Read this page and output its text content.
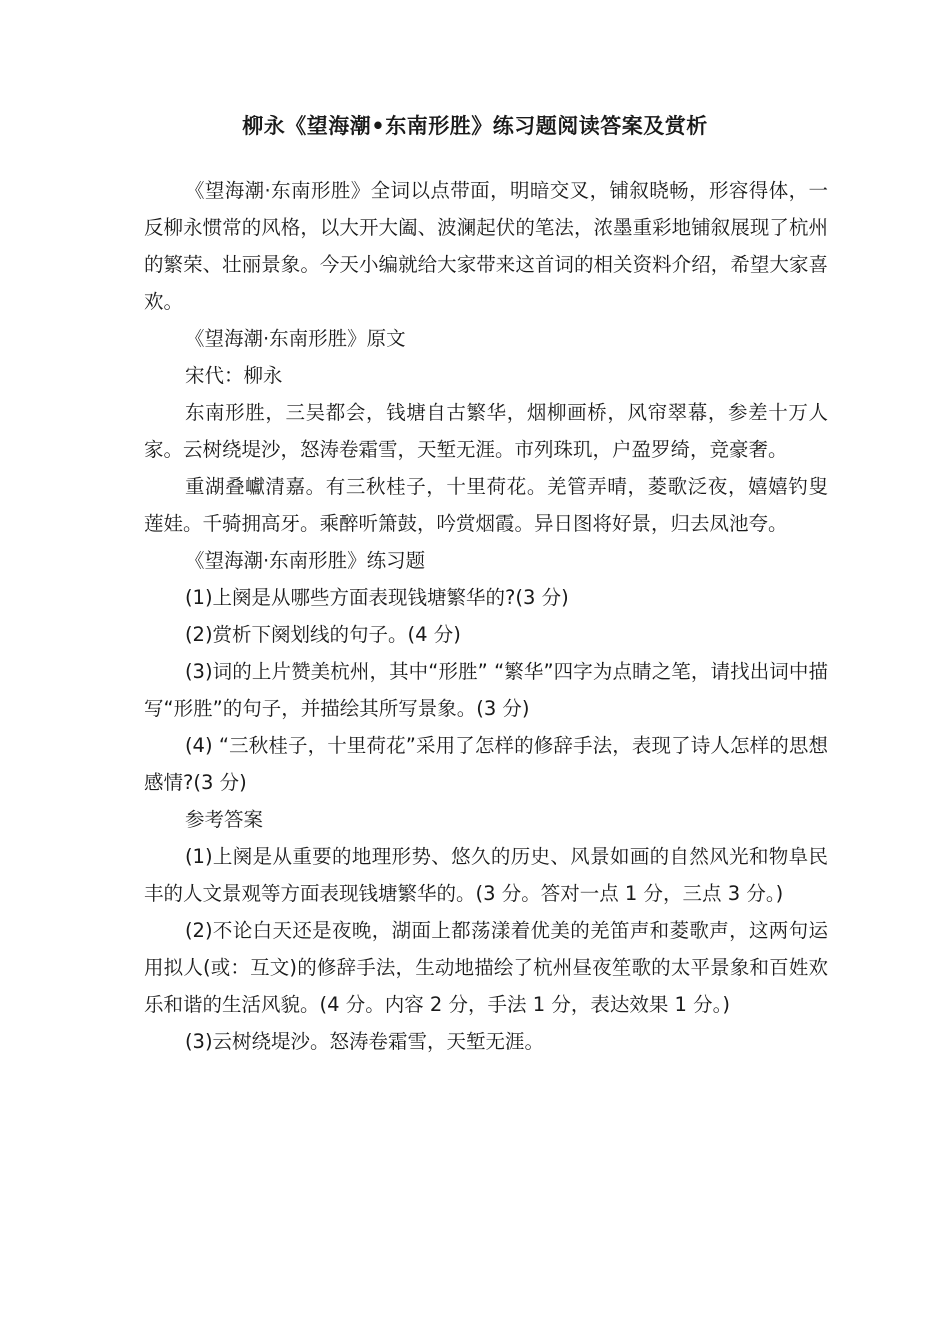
柳永《望海潮•东南形胜》练习题阅读答案及赏析

《望海潮·东南形胜》全词以点带面，明暗交叉，铺叙晓畅，形容得体，一反柳永惯常的风格，以大开大阖、波澜起伏的笔法，浓墨重彩地铺叙展现了杭州的繁荣、壮丽景象。今天小编就给大家带来这首词的相关资料介绍，希望大家喜欢。

《望海潮·东南形胜》原文

宋代：柳永

东南形胜，三吴都会，钱塘自古繁华，烟柳画桥，风帘翠幕，参差十万人家。云树绕堤沙，怒涛卷霜雪，天堑无涯。市列珠玑，户盈罗绮，竞豪奢。

重湖叠巘清嘉。有三秋桂子，十里荷花。羌管弄晴，菱歌泛夜，嬉嬉钓叟莲娃。千骑拥高牙。乘醉听箫鼓，吟赏烟霞。异日图将好景，归去凤池夸。

《望海潮·东南形胜》练习题

(1)上阕是从哪些方面表现钱塘繁华的?(3 分)

(2)赏析下阕划线的句子。(4 分)

(3)词的上片赞美杭州，其中“形胜” “繁华”四字为点睛之笔，请找出词中描写“形胜”的句子，并描绘其所写景象。(3 分)

(4) “三秋桂子，十里荷花”采用了怎样的修辞手法，表现了诗人怎样的思想感情?(3 分)

参考答案

(1)上阕是从重要的地理形势、悠久的历史、风景如画的自然风光和物阜民丰的人文景观等方面表现钱塘繁华的。(3 分。答对一点 1 分，三点 3 分。)

(2)不论白天还是夜晚，湖面上都荡漾着优美的羌笛声和菱歌声，这两句运用拟人(或：互文)的修辞手法，生动地描绘了杭州昼夜笙歌的太平景象和百姓欢乐和谐的生活风貌。(4 分。内容 2 分，手法 1 分，表达效果 1 分。)

(3)云树绕堤沙。怒涛卷霜雪，天堑无涯。
